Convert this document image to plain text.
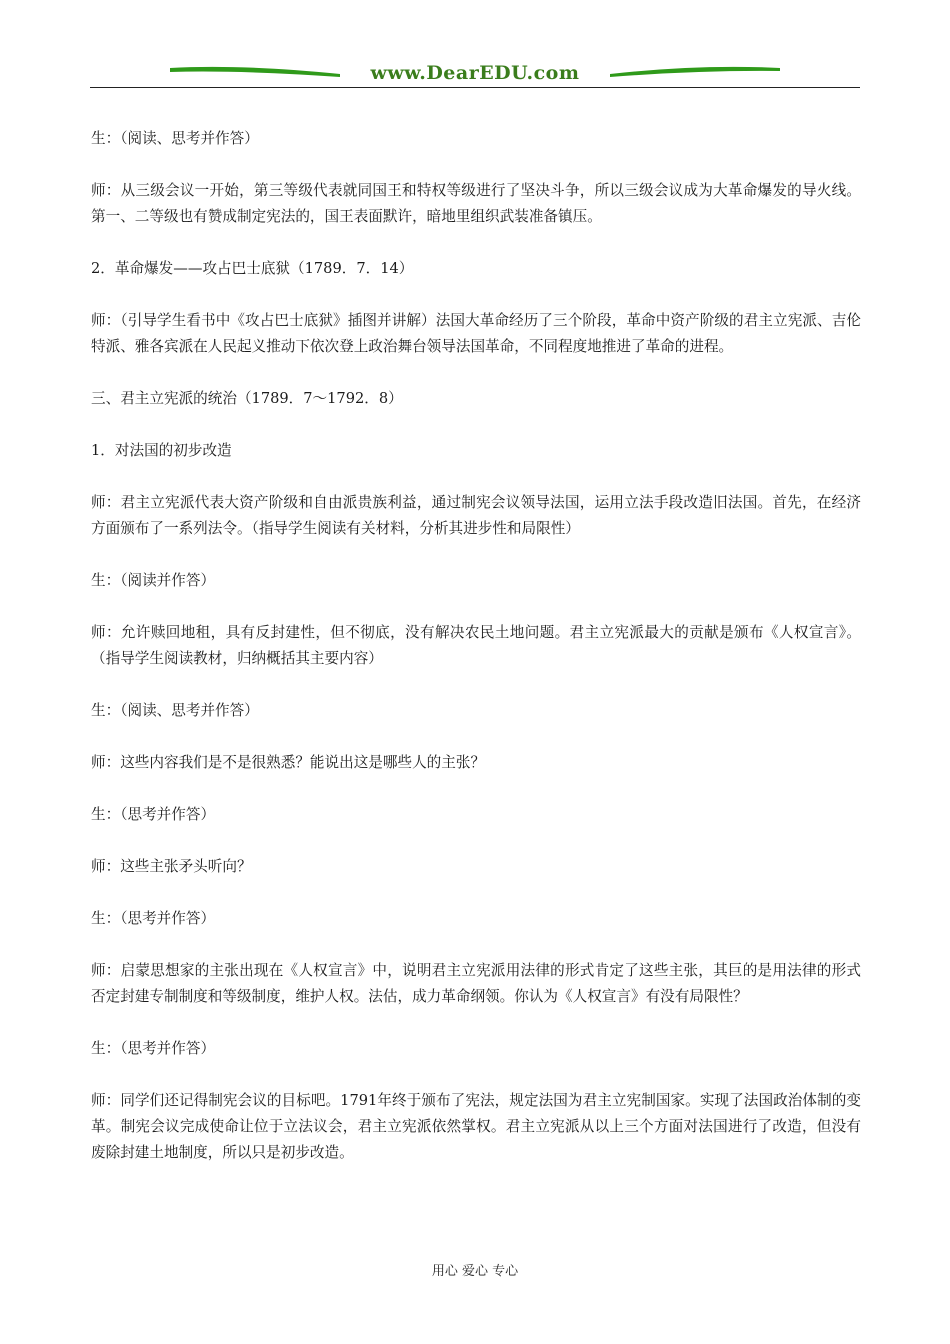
www.DearEDU.com

生：（阅读、思考并作答）

师：从三级会议一开始，第三等级代表就同国王和特权等级进行了坚决斗争，所以三级会议成为大革命爆发的导火线。第一、二等级也有赞成制定宪法的，国王表面默许，暗地里组织武装准备镇压。

2．革命爆发——攻占巴士底狱（1789．7．14）

师：（引导学生看书中《攻占巴士底狱》插图并讲解）法国大革命经历了三个阶段，革命中资产阶级的君主立宪派、吉伦特派、雅各宾派在人民起义推动下依次登上政治舞台领导法国革命，不同程度地推进了革命的进程。

三、君主立宪派的统治（1789．7～1792．8）

1．对法国的初步改造

师：君主立宪派代表大资产阶级和自由派贵族利益，通过制宪会议领导法国，运用立法手段改造旧法国。首先，在经济方面颁布了一系列法令。（指导学生阅读有关材料，分析其进步性和局限性）

生：（阅读并作答）

师：允许赎回地租，具有反封建性，但不彻底，没有解决农民土地问题。君主立宪派最大的贡献是颁布《人权宣言》。（指导学生阅读教材，归纳概括其主要内容）

生：（阅读、思考并作答）

师：这些内容我们是不是很熟悉？能说出这是哪些人的主张？

生：（思考并作答）

师：这些主张矛头听向？

生：（思考并作答）

师：启蒙思想家的主张出现在《人权宣言》中，说明君主立宪派用法律的形式肯定了这些主张，其巨的是用法律的形式否定封建专制制度和等级制度，维护人权。法估，成力革命纲领。你认为《人权宣言》有没有局限性？

生：（思考并作答）

师：同学们还记得制宪会议的目标吧。1791年终于颁布了宪法，规定法国为君主立宪制国家。实现了法国政治体制的变革。制宪会议完成使命让位于立法议会，君主立宪派依然掌权。君主立宪派从以上三个方面对法国进行了改造，但没有废除封建土地制度，所以只是初步改造。

用心 爱心 专心
